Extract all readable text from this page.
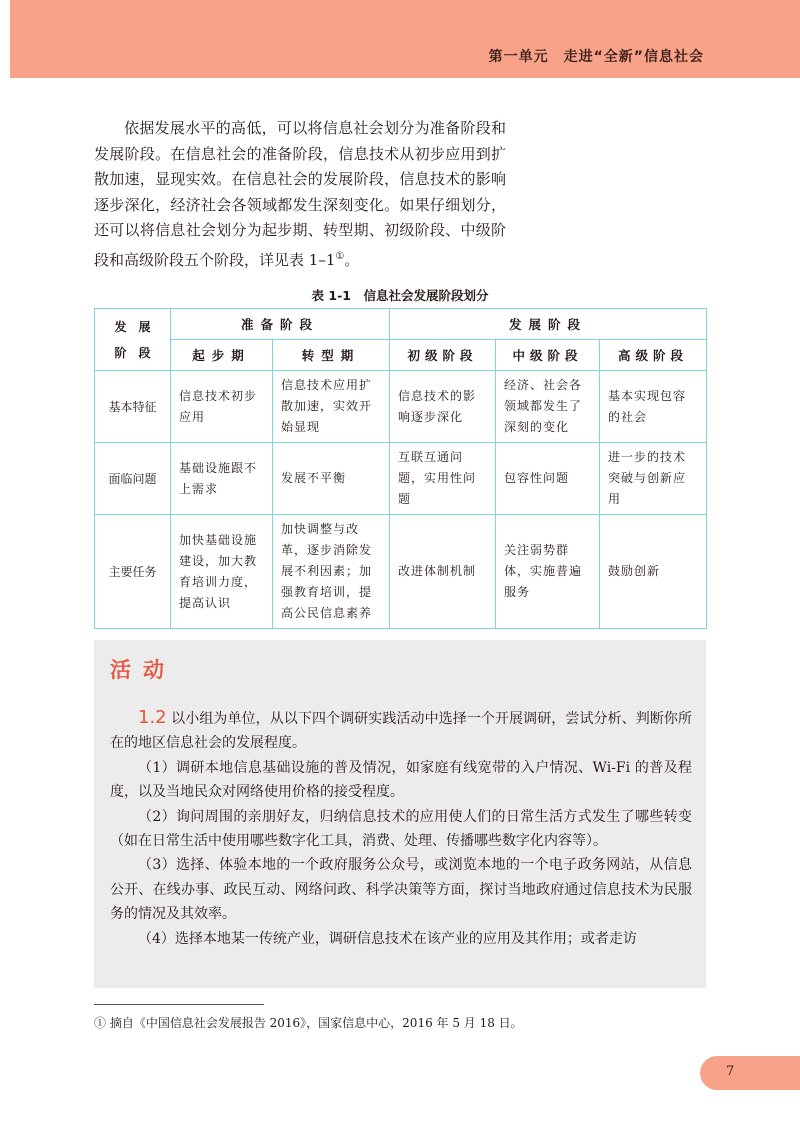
第一单元　走进“全新”信息社会
依据发展水平的高低，可以将信息社会划分为准备阶段和发展阶段。在信息社会的准备阶段，信息技术从初步应用到扩散加速，显现实效。在信息社会的发展阶段，信息技术的影响逐步深化，经济社会各领域都发生深刻变化。如果仔细划分，还可以将信息社会划分为起步期、转型期、初级阶段、中级阶段和高级阶段五个阶段，详见表 1–1①。
表 1-1　信息社会发展阶段划分
发　展
阶　段	准备阶段		发展阶段		
	起步期	转型期	初级阶段	中级阶段	高级阶段
基本特征	信息技术初步应用	信息技术应用扩散加速，实效开始显现	信息技术的影响逐步深化	经济、社会各领域都发生了深刻的变化	基本实现包容的社会
面临问题	基础设施跟不上需求	发展不平衡	互联互通问题，实用性问题	包容性问题	进一步的技术突破与创新应用
主要任务	加快基础设施建设，加大教育培训力度，提高认识	加快调整与改革，逐步消除发展不利因素；加强教育培训，提高公民信息素养	改进体制机制	关注弱势群体，实施普遍服务	鼓励创新
活动

1.2 以小组为单位，从以下四个调研实践活动中选择一个开展调研，尝试分析、判断你所在的地区信息社会的发展程度。

（1）调研本地信息基础设施的普及情况，如家庭有线宽带的入户情况、Wi-Fi 的普及程度，以及当地民众对网络使用价格的接受程度。

（2）询问周围的亲朋好友，归纳信息技术的应用使人们的日常生活方式发生了哪些转变（如在日常生活中使用哪些数字化工具，消费、处理、传播哪些数字化内容等）。

（3）选择、体验本地的一个政府服务公众号，或浏览本地的一个电子政务网站，从信息公开、在线办事、政民互动、网络问政、科学决策等方面，探讨当地政府通过信息技术为民服务的情况及其效率。

（4）选择本地某一传统产业，调研信息技术在该产业的应用及其作用；或者走访

① 摘自《中国信息社会发展报告 2016》，国家信息中心，2016 年 5 月 18 日。
7
